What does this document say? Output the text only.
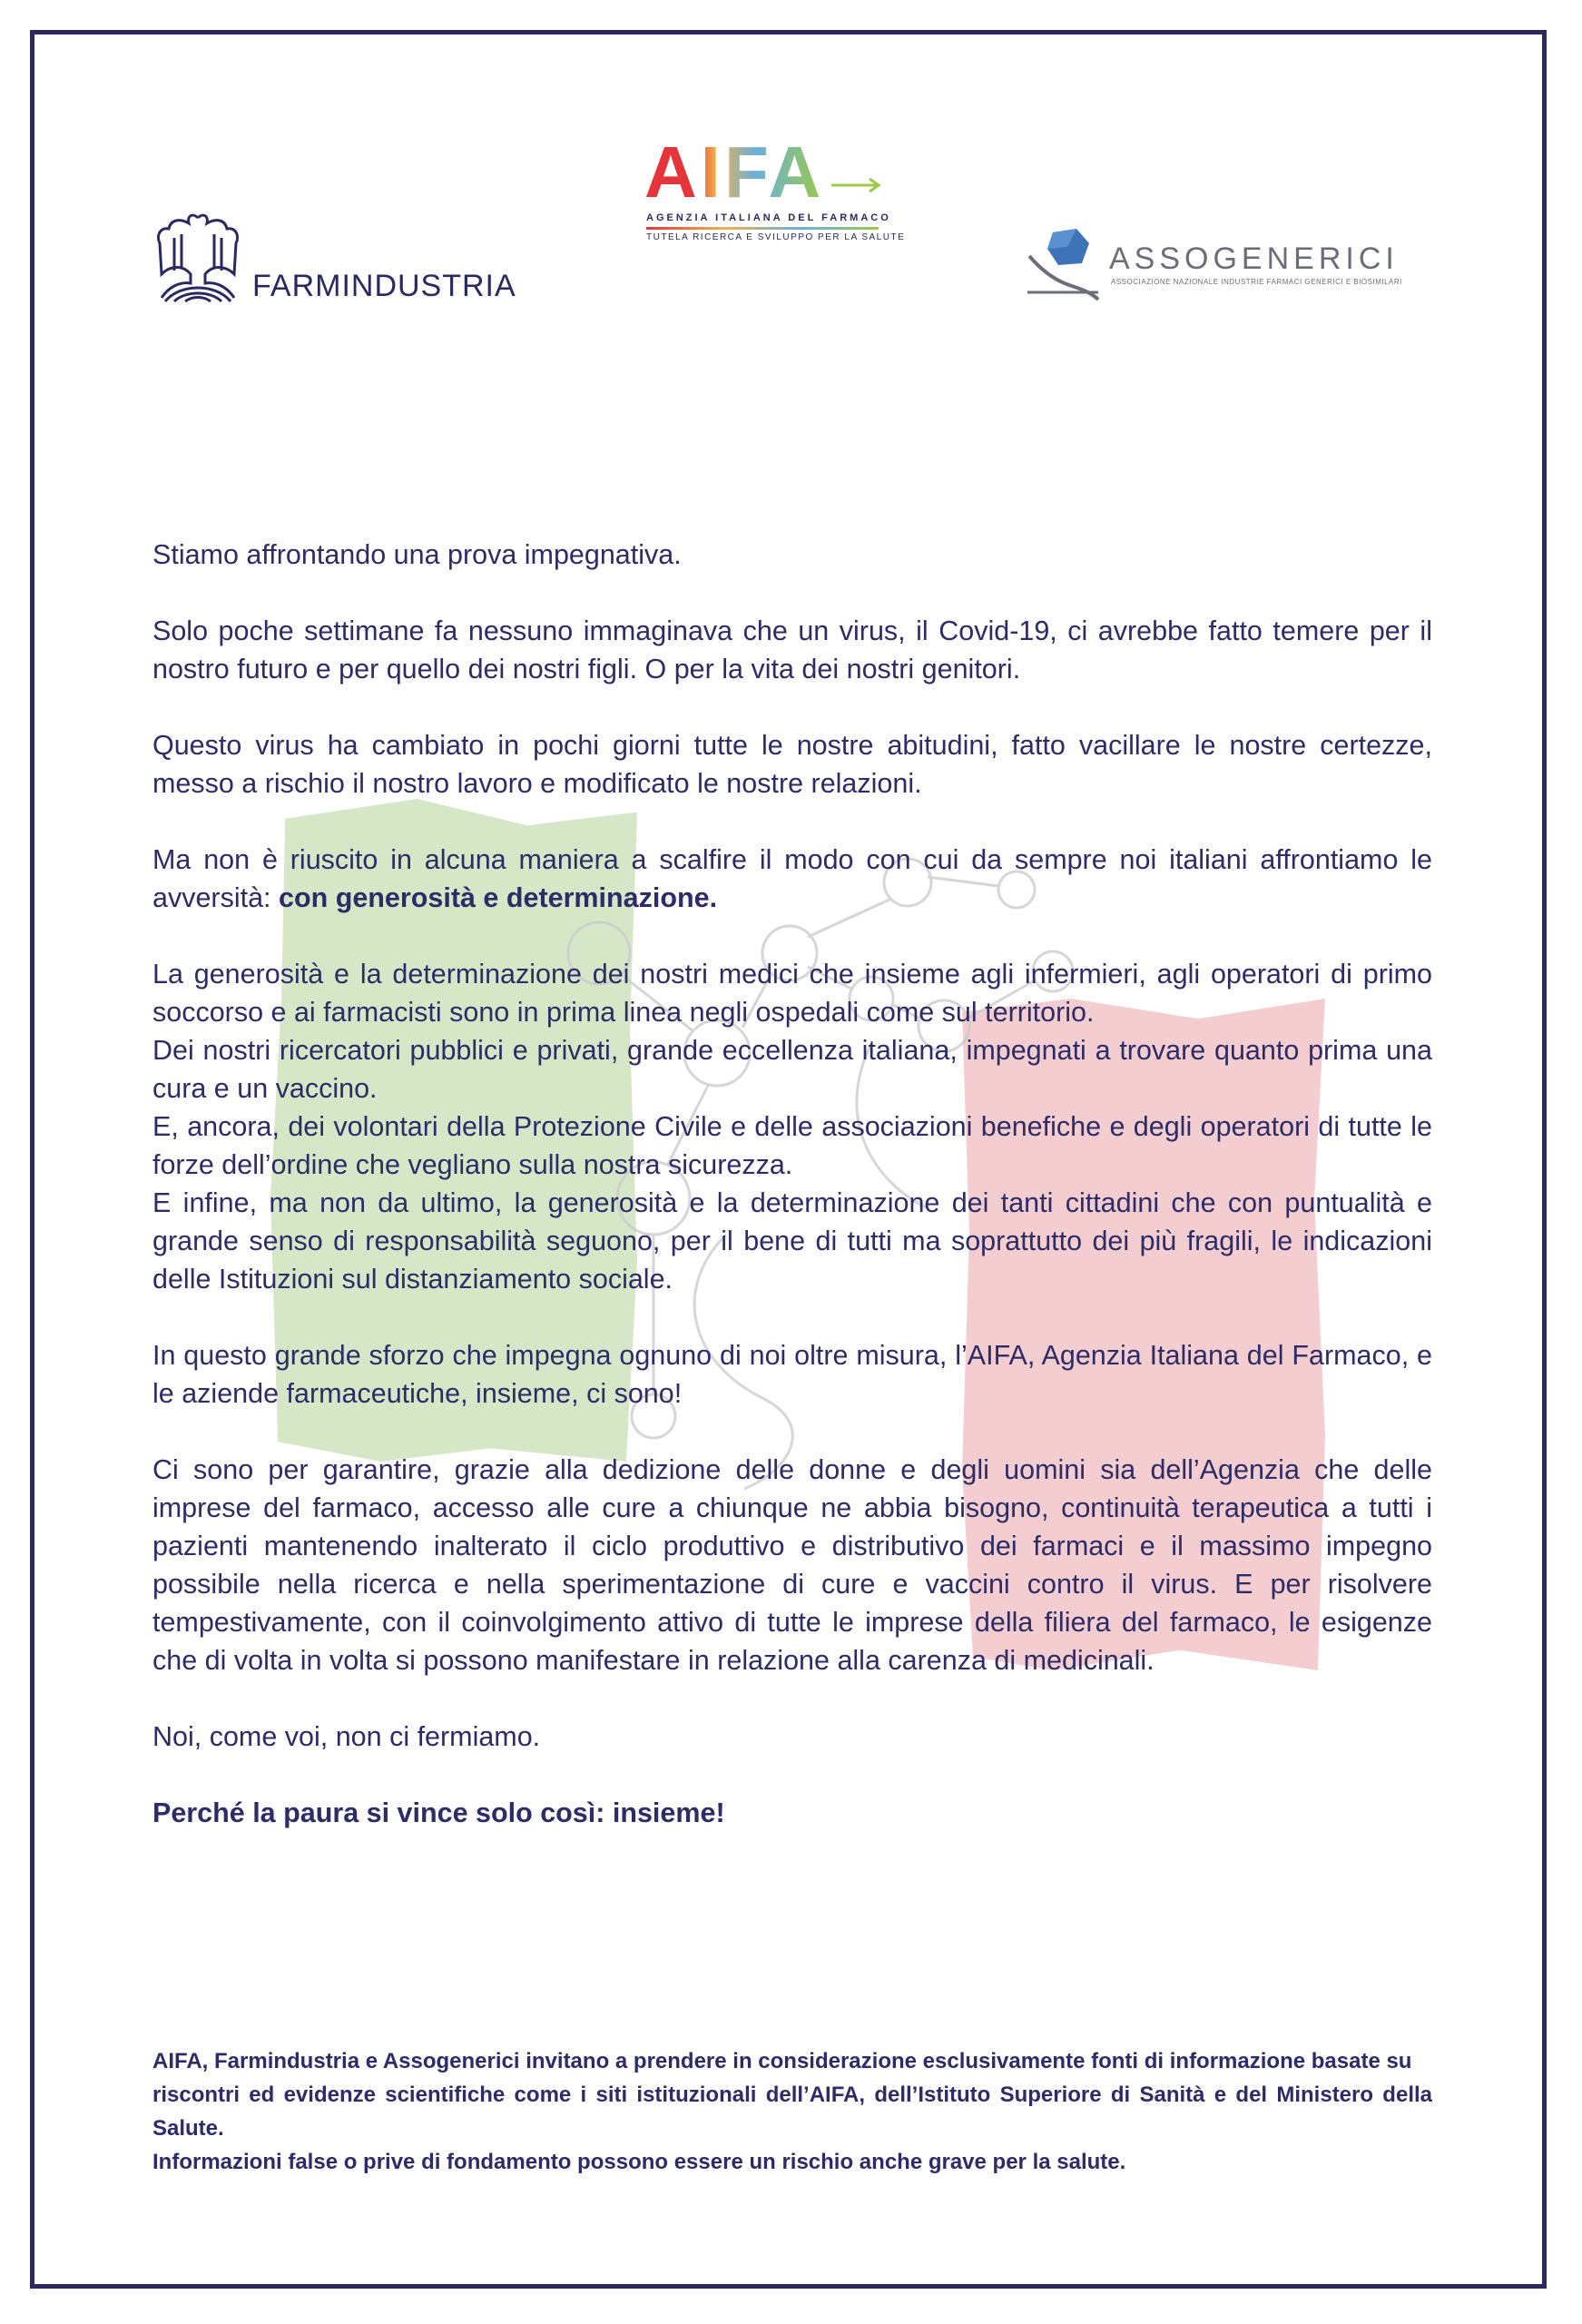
FARMINDUSTRIA
AIFA
AGENZIA ITALIANA DEL FARMACO
TUTELA RICERCA E SVILUPPO PER LA SALUTE
ASSOGENERICI
ASSOCIAZIONE NAZIONALE INDUSTRIE FARMACI GENERICI E BIOSIMILARI

Stiamo affrontando una prova impegnativa.

Solo poche settimane fa nessuno immaginava che un virus, il Covid-19, ci avrebbe fatto temere per il nostro futuro e per quello dei nostri figli. O per la vita dei nostri genitori.

Questo virus ha cambiato in pochi giorni tutte le nostre abitudini, fatto vacillare le nostre certezze, messo a rischio il nostro lavoro e modificato le nostre relazioni.

Ma non è riuscito in alcuna maniera a scalfire il modo con cui da sempre noi italiani affrontiamo le avversità: con generosità e determinazione.

La generosità e la determinazione dei nostri medici che insieme agli infermieri, agli operatori di primo soccorso e ai farmacisti sono in prima linea negli ospedali come sul territorio.

Dei nostri ricercatori pubblici e privati, grande eccellenza italiana, impegnati a trovare quanto prima una cura e un vaccino.

E, ancora, dei volontari della Protezione Civile e delle associazioni benefiche e degli operatori di tutte le forze dell’ordine che vegliano sulla nostra sicurezza.

E infine, ma non da ultimo, la generosità e la determinazione dei tanti cittadini che con puntualità e grande senso di responsabilità seguono, per il bene di tutti ma soprattutto dei più fragili, le indicazioni delle Istituzioni sul distanziamento sociale.

In questo grande sforzo che impegna ognuno di noi oltre misura, l’AIFA, Agenzia Italiana del Farmaco, e le aziende farmaceutiche, insieme, ci sono!

Ci sono per garantire, grazie alla dedizione delle donne e degli uomini sia dell’Agenzia che delle imprese del farmaco, accesso alle cure a chiunque ne abbia bisogno, continuità terapeutica a tutti i pazienti mantenendo inalterato il ciclo produttivo e distributivo dei farmaci e il massimo impegno possibile nella ricerca e nella sperimentazione di cure e vaccini contro il virus. E per risolvere tempestivamente, con il coinvolgimento attivo di tutte le imprese della filiera del farmaco, le esigenze che di volta in volta si possono manifestare in relazione alla carenza di medicinali.

Noi, come voi, non ci fermiamo.

Perché la paura si vince solo così: insieme!

AIFA, Farmindustria e Assogenerici invitano a prendere in considerazione esclusivamente fonti di informazione basate su
riscontri ed evidenze scientifiche come i siti istituzionali dell’AIFA, dell’Istituto Superiore di Sanità e del Ministero della Salute.
Informazioni false o prive di fondamento possono essere un rischio anche grave per la salute.
